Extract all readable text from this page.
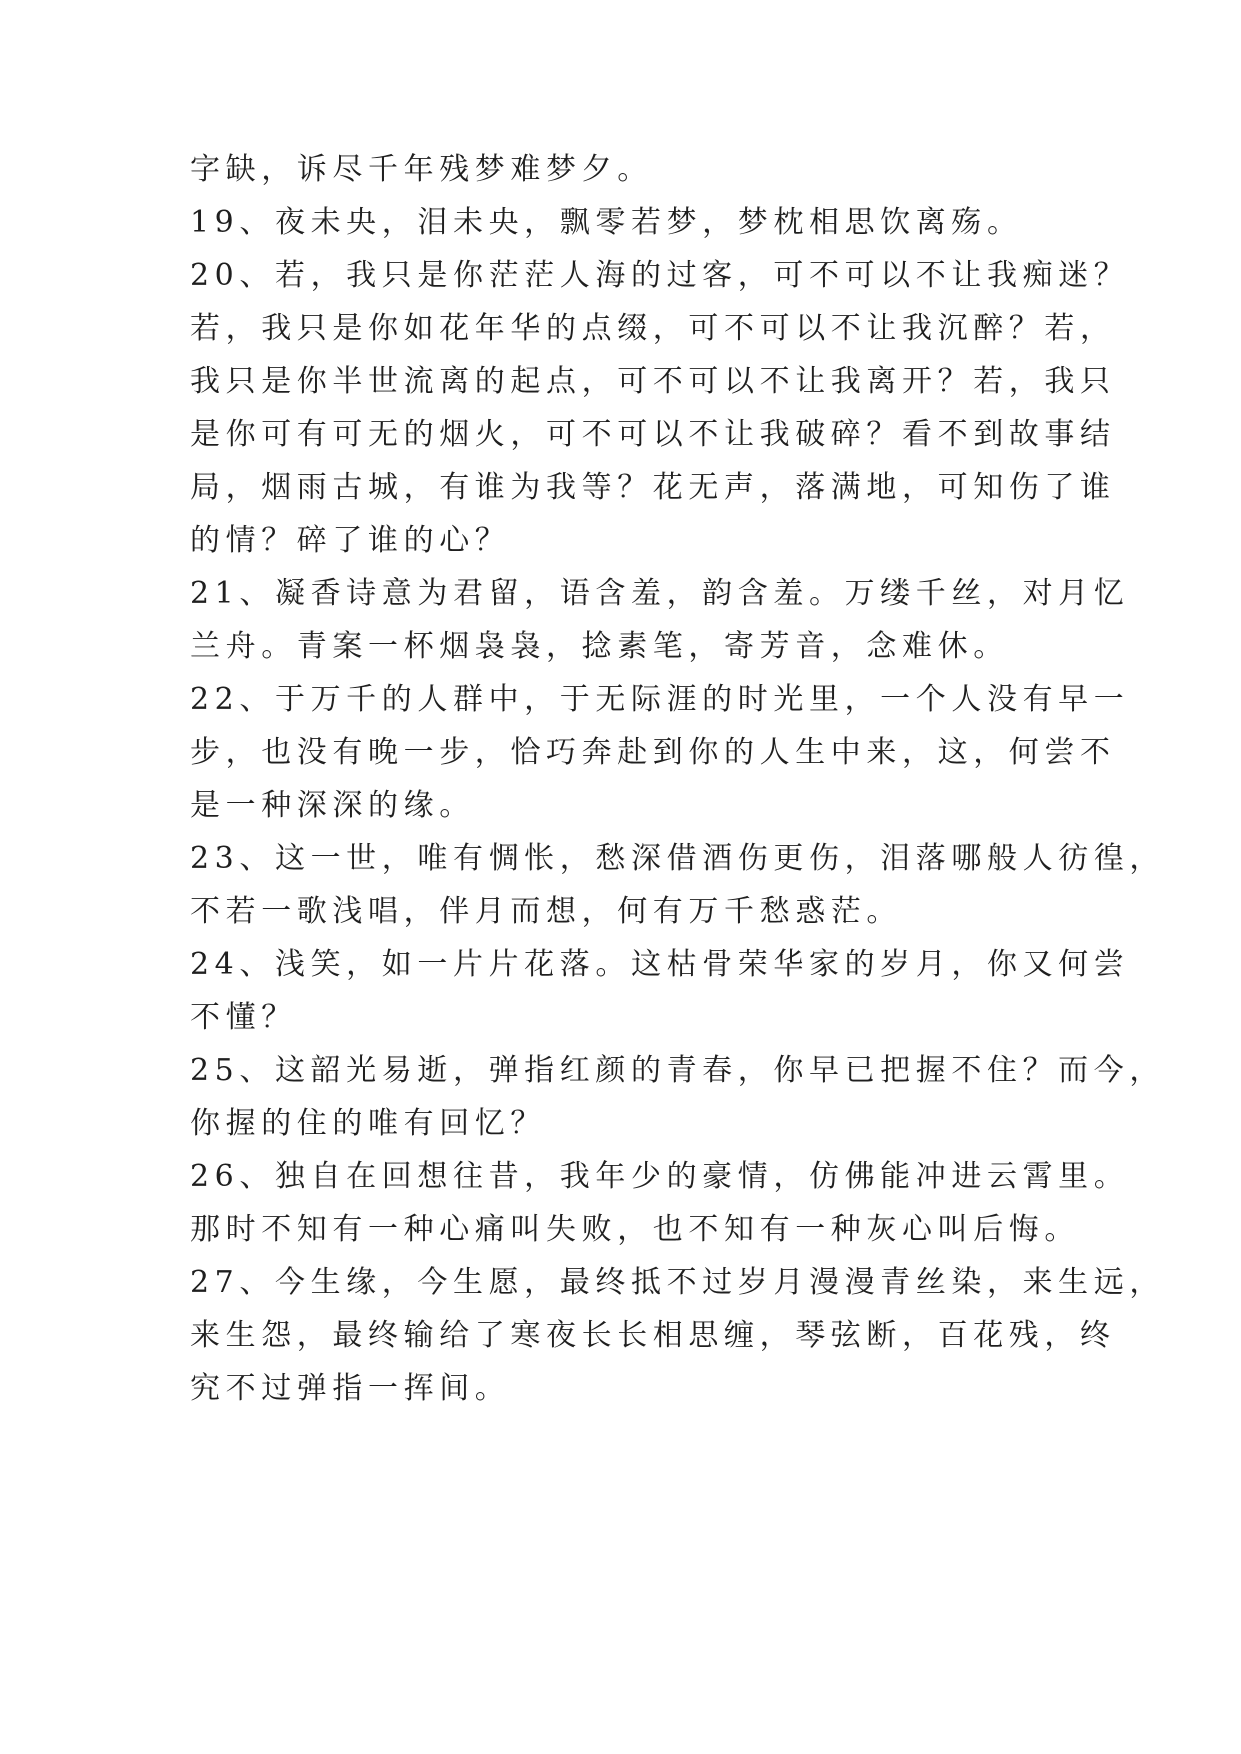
字缺，诉尽千年残梦难梦夕。
19、夜未央，泪未央，飘零若梦，梦枕相思饮离殇。
20、若，我只是你茫茫人海的过客，可不可以不让我痴迷？
若，我只是你如花年华的点缀，可不可以不让我沉醉？若，
我只是你半世流离的起点，可不可以不让我离开？若，我只
是你可有可无的烟火，可不可以不让我破碎？看不到故事结
局，烟雨古城，有谁为我等？花无声，落满地，可知伤了谁
的情？碎了谁的心？
21、凝香诗意为君留，语含羞，韵含羞。万缕千丝，对月忆
兰舟。青案一杯烟袅袅，捻素笔，寄芳音，念难休。
22、于万千的人群中，于无际涯的时光里，一个人没有早一
步，也没有晚一步，恰巧奔赴到你的人生中来，这，何尝不
是一种深深的缘。
23、这一世，唯有惆怅，愁深借酒伤更伤，泪落哪般人彷徨，
不若一歌浅唱，伴月而想，何有万千愁惑茫。
24、浅笑，如一片片花落。这枯骨荣华家的岁月，你又何尝
不懂？
25、这韶光易逝，弹指红颜的青春，你早已把握不住？而今，
你握的住的唯有回忆？
26、独自在回想往昔，我年少的豪情，仿佛能冲进云霄里。
那时不知有一种心痛叫失败，也不知有一种灰心叫后悔。
27、今生缘，今生愿，最终抵不过岁月漫漫青丝染，来生远，
来生怨，最终输给了寒夜长长相思缠，琴弦断，百花残，终
究不过弹指一挥间。
